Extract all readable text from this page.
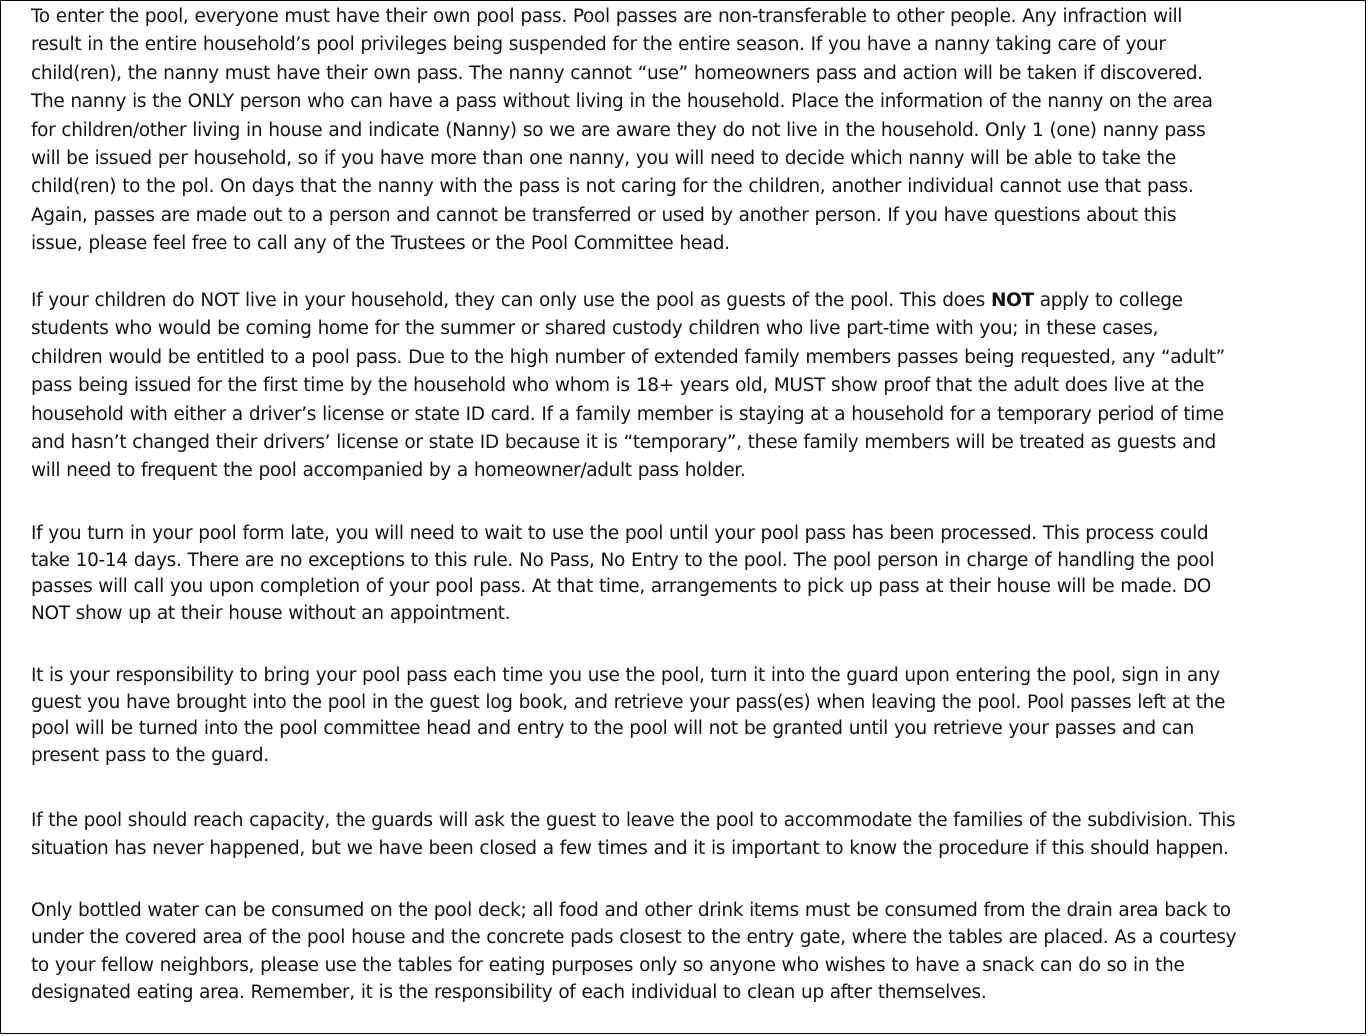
To enter the pool, everyone must have their own pool pass. Pool passes are non-transferable to other people. Any infraction will
result in the entire household’s pool privileges being suspended for the entire season. If you have a nanny taking care of your
child(ren), the nanny must have their own pass. The nanny cannot “use” homeowners pass and action will be taken if discovered.
The nanny is the ONLY person who can have a pass without living in the household. Place the information of the nanny on the area
for children/other living in house and indicate (Nanny) so we are aware they do not live in the household. Only 1 (one) nanny pass
will be issued per household, so if you have more than one nanny, you will need to decide which nanny will be able to take the
child(ren) to the pol. On days that the nanny with the pass is not caring for the children, another individual cannot use that pass.
Again, passes are made out to a person and cannot be transferred or used by another person. If you have questions about this
issue, please feel free to call any of the Trustees or the Pool Committee head.

If your children do NOT live in your household, they can only use the pool as guests of the pool. This does NOT apply to college
students who would be coming home for the summer or shared custody children who live part-time with you; in these cases,
children would be entitled to a pool pass. Due to the high number of extended family members passes being requested, any “adult”
pass being issued for the first time by the household who whom is 18+ years old, MUST show proof that the adult does live at the
household with either a driver’s license or state ID card. If a family member is staying at a household for a temporary period of time
and hasn’t changed their drivers’ license or state ID because it is “temporary”, these family members will be treated as guests and
will need to frequent the pool accompanied by a homeowner/adult pass holder.

If you turn in your pool form late, you will need to wait to use the pool until your pool pass has been processed. This process could
take 10-14 days. There are no exceptions to this rule. No Pass, No Entry to the pool. The pool person in charge of handling the pool
passes will call you upon completion of your pool pass. At that time, arrangements to pick up pass at their house will be made. DO
NOT show up at their house without an appointment.

It is your responsibility to bring your pool pass each time you use the pool, turn it into the guard upon entering the pool, sign in any
guest you have brought into the pool in the guest log book, and retrieve your pass(es) when leaving the pool. Pool passes left at the
pool will be turned into the pool committee head and entry to the pool will not be granted until you retrieve your passes and can
present pass to the guard.

If the pool should reach capacity, the guards will ask the guest to leave the pool to accommodate the families of the subdivision. This
situation has never happened, but we have been closed a few times and it is important to know the procedure if this should happen.

Only bottled water can be consumed on the pool deck; all food and other drink items must be consumed from the drain area back to
under the covered area of the pool house and the concrete pads closest to the entry gate, where the tables are placed. As a courtesy
to your fellow neighbors, please use the tables for eating purposes only so anyone who wishes to have a snack can do so in the
designated eating area. Remember, it is the responsibility of each individual to clean up after themselves.
